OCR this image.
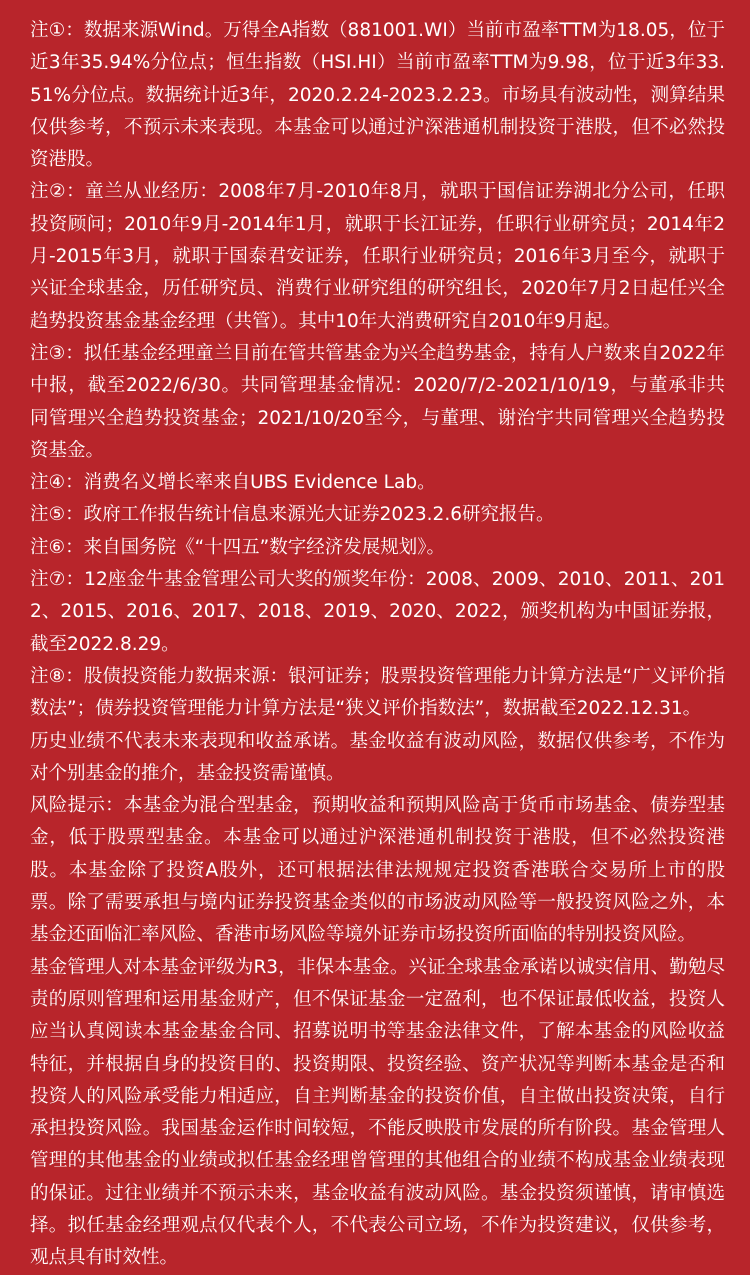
注①：数据来源Wind。万得全A指数（881001.WI）当前市盈率TTM为18.05，位于近3年35.94%分位点；恒生指数（HSI.HI）当前市盈率TTM为9.98，位于近3年33.51%分位点。数据统计近3年，2020.2.24-2023.2.23。市场具有波动性，测算结果仅供参考，不预示未来表现。本基金可以通过沪深港通机制投资于港股，但不必然投资港股。

注②：童兰从业经历：2008年7月-2010年8月，就职于国信证券湖北分公司，任职投资顾问；2010年9月-2014年1月，就职于长江证券，任职行业研究员；2014年2月-2015年3月，就职于国泰君安证券，任职行业研究员；2016年3月至今，就职于兴证全球基金，历任研究员、消费行业研究组的研究组长，2020年7月2日起任兴全趋势投资基金基金经理（共管）。其中10年大消费研究自2010年9月起。

注③：拟任基金经理童兰目前在管共管基金为兴全趋势基金，持有人户数来自2022年中报，截至2022/6/30。共同管理基金情况：2020/7/2-2021/10/19，与董承非共同管理兴全趋势投资基金；2021/10/20至今，与董理、谢治宇共同管理兴全趋势投资基金。

注④：消费名义增长率来自UBS Evidence Lab。

注⑤：政府工作报告统计信息来源光大证券2023.2.6研究报告。

注⑥：来自国务院《“十四五”数字经济发展规划》。

注⑦：12座金牛基金管理公司大奖的颁奖年份：2008、2009、2010、2011、2012、2015、2016、2017、2018、2019、2020、2022，颁奖机构为中国证券报，截至2022.8.29。

注⑧：股债投资能力数据来源：银河证券；股票投资管理能力计算方法是“广义评价指数法”；债券投资管理能力计算方法是“狭义评价指数法”，数据截至2022.12.31。

历史业绩不代表未来表现和收益承诺。基金收益有波动风险，数据仅供参考，不作为对个别基金的推介，基金投资需谨慎。

风险提示：本基金为混合型基金，预期收益和预期风险高于货币市场基金、债券型基金，低于股票型基金。本基金可以通过沪深港通机制投资于港股，但不必然投资港股。本基金除了投资A股外，还可根据法律法规规定投资香港联合交易所上市的股票。除了需要承担与境内证券投资基金类似的市场波动风险等一般投资风险之外，本基金还面临汇率风险、香港市场风险等境外证券市场投资所面临的特别投资风险。

基金管理人对本基金评级为R3，非保本基金。兴证全球基金承诺以诚实信用、勤勉尽责的原则管理和运用基金财产，但不保证基金一定盈利，也不保证最低收益，投资人应当认真阅读本基金基金合同、招募说明书等基金法律文件，了解本基金的风险收益特征，并根据自身的投资目的、投资期限、投资经验、资产状况等判断本基金是否和投资人的风险承受能力相适应，自主判断基金的投资价值，自主做出投资决策，自行承担投资风险。我国基金运作时间较短，不能反映股市发展的所有阶段。基金管理人管理的其他基金的业绩或拟任基金经理曾管理的其他组合的业绩不构成基金业绩表现的保证。过往业绩并不预示未来，基金收益有波动风险。基金投资须谨慎，请审慎选择。拟任基金经理观点仅代表个人，不代表公司立场，不作为投资建议，仅供参考，观点具有时效性。
